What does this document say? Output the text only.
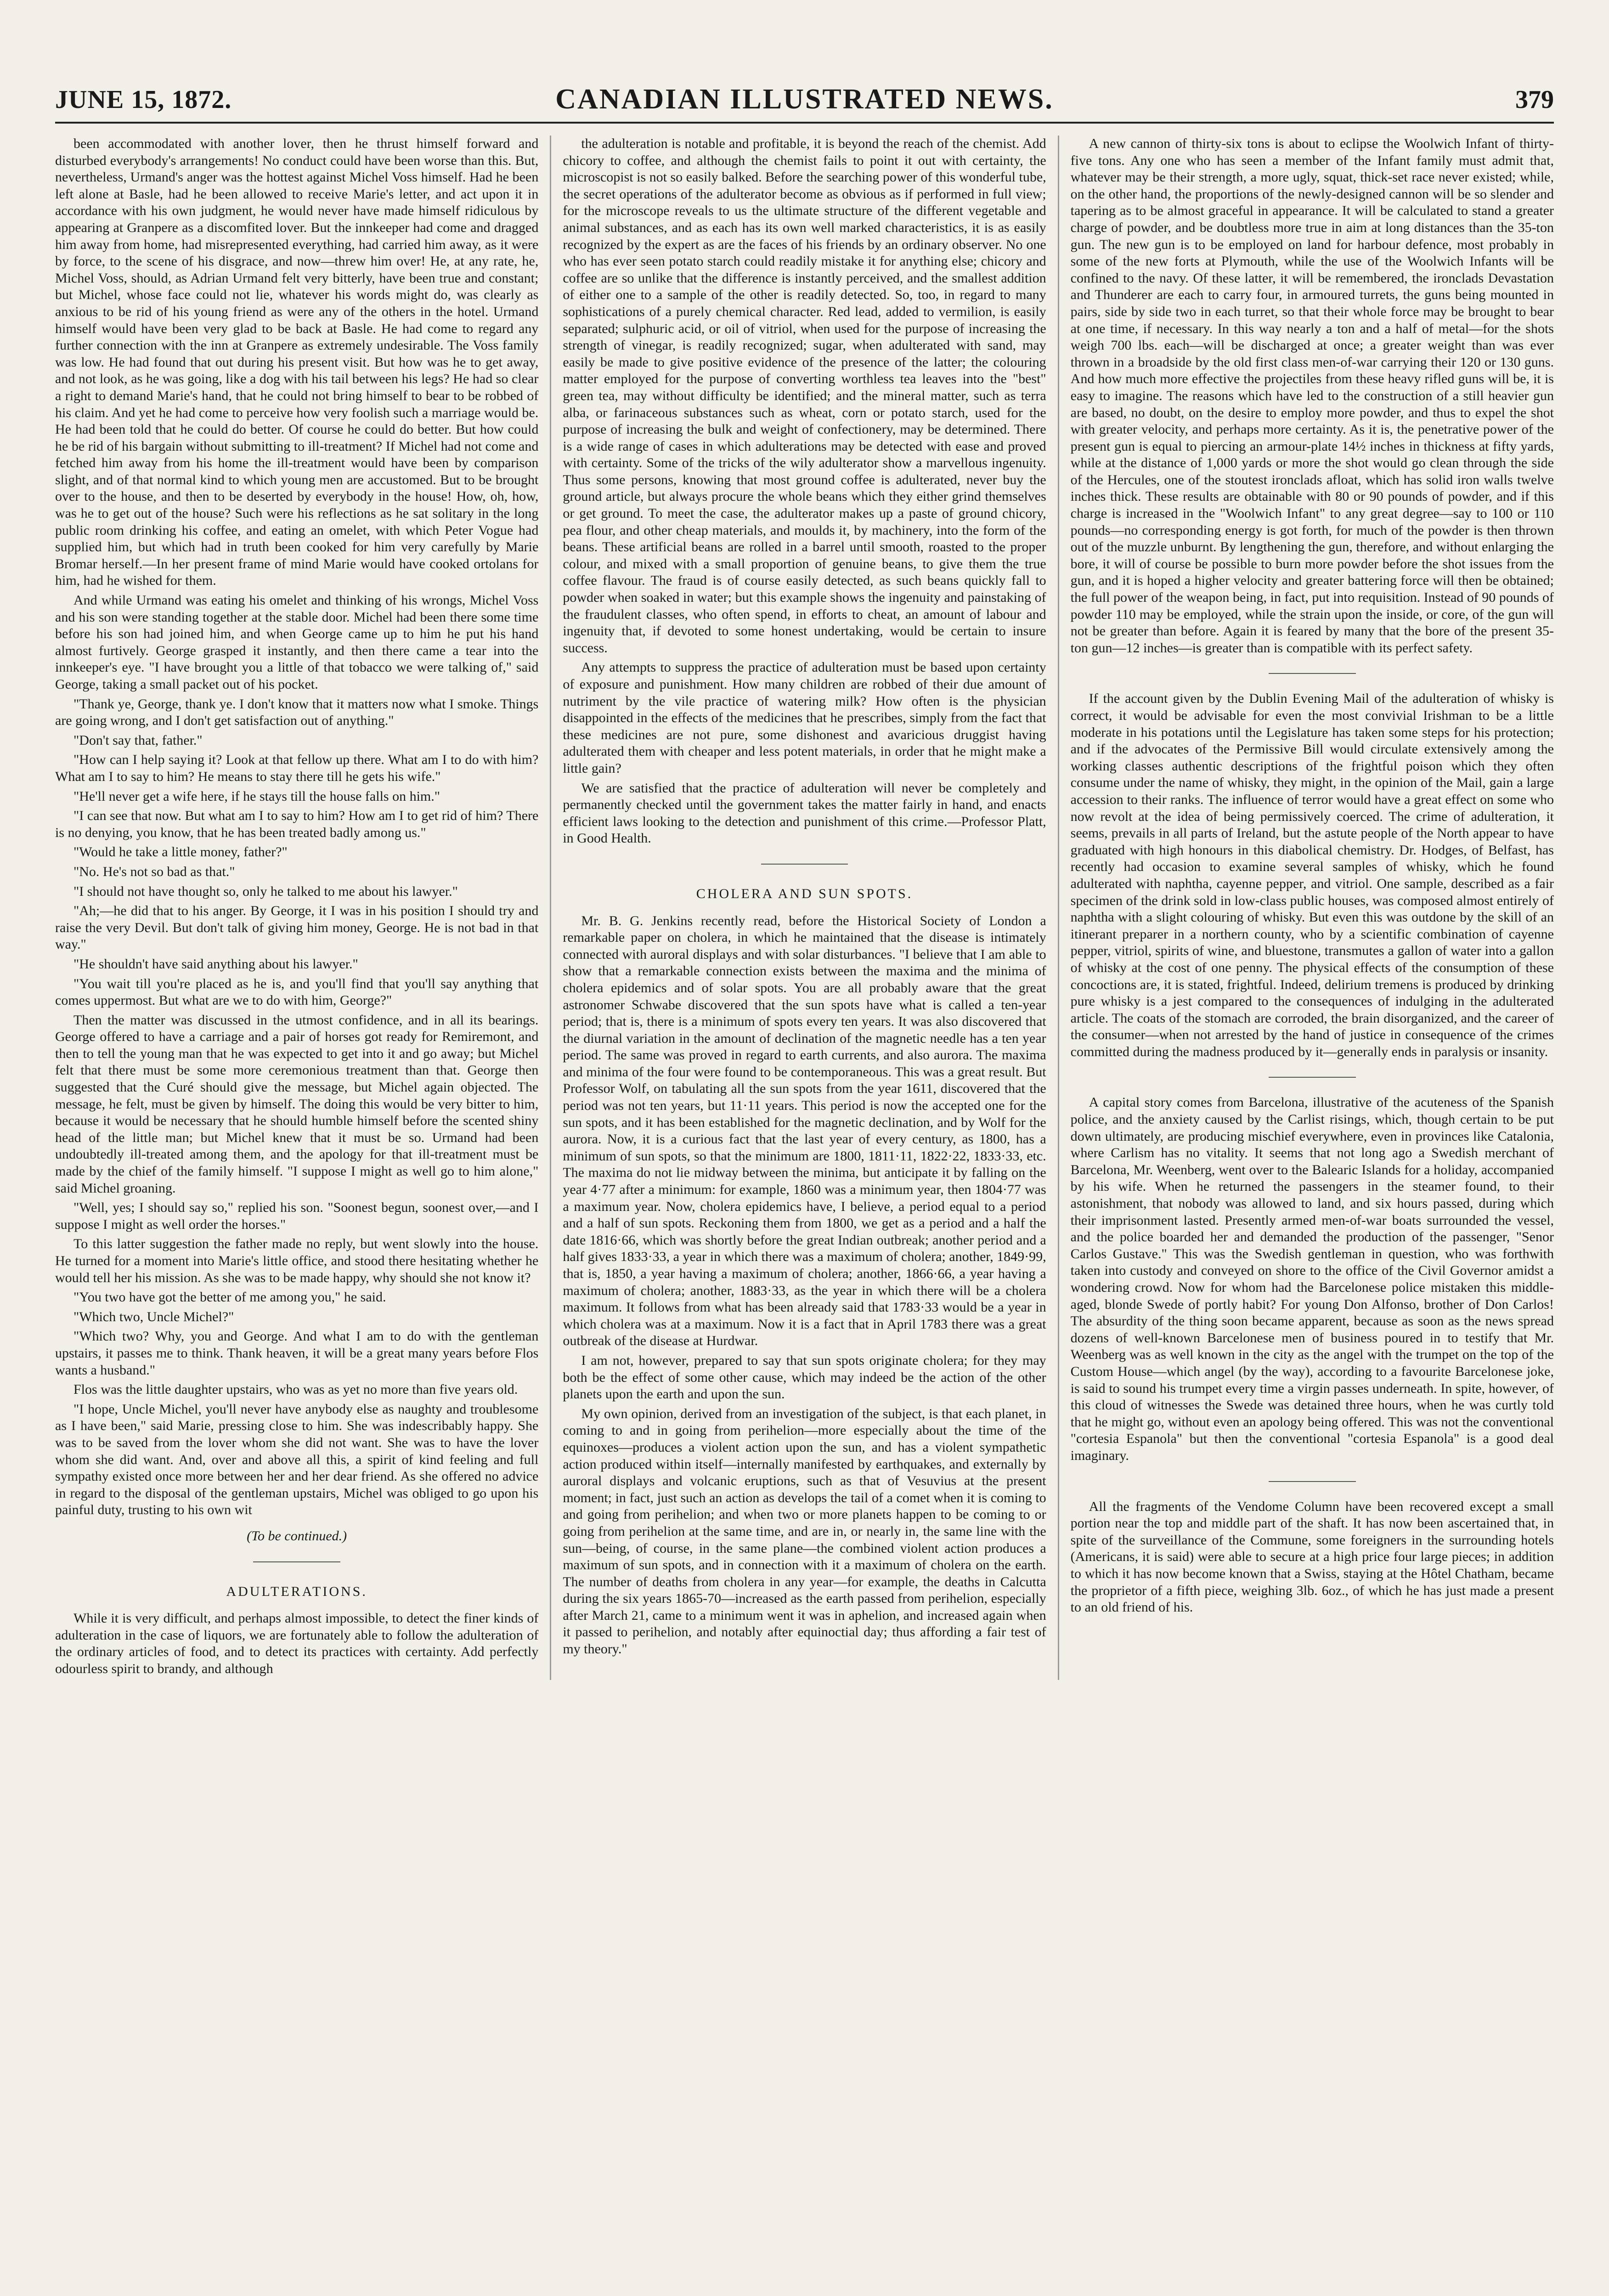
JUNE 15, 1872.	CANADIAN ILLUSTRATED NEWS.	379

been accommodated with another lover, then he thrust himself forward and disturbed everybody's arrangements! No conduct could have been worse than this. But, nevertheless, Urmand's anger was the hottest against Michel Voss himself. Had he been left alone at Basle, had he been allowed to receive Marie's letter, and act upon it in accordance with his own judgment, he would never have made himself ridiculous by appearing at Granpere as a discomfited lover. But the innkeeper had come and dragged him away from home, had misrepresented everything, had carried him away, as it were by force, to the scene of his disgrace, and now—threw him over! He, at any rate, he, Michel Voss, should, as Adrian Urmand felt very bitterly, have been true and constant; but Michel, whose face could not lie, whatever his words might do, was clearly as anxious to be rid of his young friend as were any of the others in the hotel. Urmand himself would have been very glad to be back at Basle. He had come to regard any further connection with the inn at Granpere as extremely undesirable. The Voss family was low. He had found that out during his present visit. But how was he to get away, and not look, as he was going, like a dog with his tail between his legs? He had so clear a right to demand Marie's hand, that he could not bring himself to bear to be robbed of his claim. And yet he had come to perceive how very foolish such a marriage would be. He had been told that he could do better. Of course he could do better. But how could he be rid of his bargain without submitting to ill-treatment? If Michel had not come and fetched him away from his home the ill-treatment would have been by comparison slight, and of that normal kind to which young men are accustomed. But to be brought over to the house, and then to be deserted by everybody in the house! How, oh, how, was he to get out of the house? Such were his reflections as he sat solitary in the long public room drinking his coffee, and eating an omelet, with which Peter Vogue had supplied him, but which had in truth been cooked for him very carefully by Marie Bromar herself.—In her present frame of mind Marie would have cooked ortolans for him, had he wished for them.

And while Urmand was eating his omelet and thinking of his wrongs, Michel Voss and his son were standing together at the stable door. Michel had been there some time before his son had joined him, and when George came up to him he put his hand almost furtively. George grasped it instantly, and then there came a tear into the innkeeper's eye. "I have brought you a little of that tobacco we were talking of," said George, taking a small packet out of his pocket.

"Thank ye, George, thank ye. I don't know that it matters now what I smoke. Things are going wrong, and I don't get satisfaction out of anything."

"Don't say that, father."

"How can I help saying it? Look at that fellow up there. What am I to do with him? What am I to say to him? He means to stay there till he gets his wife."

"He'll never get a wife here, if he stays till the house falls on him."

"I can see that now. But what am I to say to him? How am I to get rid of him? There is no denying, you know, that he has been treated badly among us."

"Would he take a little money, father?"

"No. He's not so bad as that."

"I should not have thought so, only he talked to me about his lawyer."

"Ah;—he did that to his anger. By George, it I was in his position I should try and raise the very Devil. But don't talk of giving him money, George. He is not bad in that way."

"He shouldn't have said anything about his lawyer."

"You wait till you're placed as he is, and you'll find that you'll say anything that comes uppermost. But what are we to do with him, George?"

Then the matter was discussed in the utmost confidence, and in all its bearings. George offered to have a carriage and a pair of horses got ready for Remiremont, and then to tell the young man that he was expected to get into it and go away; but Michel felt that there must be some more ceremonious treatment than that. George then suggested that the Curé should give the message, but Michel again objected. The message, he felt, must be given by himself. The doing this would be very bitter to him, because it would be necessary that he should humble himself before the scented shiny head of the little man; but Michel knew that it must be so. Urmand had been undoubtedly ill-treated among them, and the apology for that ill-treatment must be made by the chief of the family himself. "I suppose I might as well go to him alone," said Michel groaning.

"Well, yes; I should say so," replied his son. "Soonest begun, soonest over,—and I suppose I might as well order the horses."

To this latter suggestion the father made no reply, but went slowly into the house. He turned for a moment into Marie's little office, and stood there hesitating whether he would tell her his mission. As she was to be made happy, why should she not know it?

"You two have got the better of me among you," he said.

"Which two, Uncle Michel?"

"Which two? Why, you and George. And what I am to do with the gentleman upstairs, it passes me to think. Thank heaven, it will be a great many years before Flos wants a husband."

Flos was the little daughter upstairs, who was as yet no more than five years old.

"I hope, Uncle Michel, you'll never have anybody else as naughty and troublesome as I have been," said Marie, pressing close to him. She was indescribably happy. She was to be saved from the lover whom she did not want. She was to have the lover whom she did want. And, over and above all this, a spirit of kind feeling and full sympathy existed once more between her and her dear friend. As she offered no advice in regard to the disposal of the gentleman upstairs, Michel was obliged to go upon his painful duty, trusting to his own wit

(To be continued.)
ADULTERATIONS.

While it is very difficult, and perhaps almost impossible, to detect the finer kinds of adulteration in the case of liquors, we are fortunately able to follow the adulteration of the ordinary articles of food, and to detect its practices with certainty. Add perfectly odourless spirit to brandy, and although

the adulteration is notable and profitable, it is beyond the reach of the chemist. Add chicory to coffee, and although the chemist fails to point it out with certainty, the microscopist is not so easily balked. Before the searching power of this wonderful tube, the secret operations of the adulterator become as obvious as if performed in full view; for the microscope reveals to us the ultimate structure of the different vegetable and animal substances, and as each has its own well marked characteristics, it is as easily recognized by the expert as are the faces of his friends by an ordinary observer. No one who has ever seen potato starch could readily mistake it for anything else; chicory and coffee are so unlike that the difference is instantly perceived, and the smallest addition of either one to a sample of the other is readily detected. So, too, in regard to many sophistications of a purely chemical character. Red lead, added to vermilion, is easily separated; sulphuric acid, or oil of vitriol, when used for the purpose of increasing the strength of vinegar, is readily recognized; sugar, when adulterated with sand, may easily be made to give positive evidence of the presence of the latter; the colouring matter employed for the purpose of converting worthless tea leaves into the "best" green tea, may without difficulty be identified; and the mineral matter, such as terra alba, or farinaceous substances such as wheat, corn or potato starch, used for the purpose of increasing the bulk and weight of confectionery, may be determined. There is a wide range of cases in which adulterations may be detected with ease and proved with certainty. Some of the tricks of the wily adulterator show a marvellous ingenuity. Thus some persons, knowing that most ground coffee is adulterated, never buy the ground article, but always procure the whole beans which they either grind themselves or get ground. To meet the case, the adulterator makes up a paste of ground chicory, pea flour, and other cheap materials, and moulds it, by machinery, into the form of the beans. These artificial beans are rolled in a barrel until smooth, roasted to the proper colour, and mixed with a small proportion of genuine beans, to give them the true coffee flavour. The fraud is of course easily detected, as such beans quickly fall to powder when soaked in water; but this example shows the ingenuity and painstaking of the fraudulent classes, who often spend, in efforts to cheat, an amount of labour and ingenuity that, if devoted to some honest undertaking, would be certain to insure success.

Any attempts to suppress the practice of adulteration must be based upon certainty of exposure and punishment. How many children are robbed of their due amount of nutriment by the vile practice of watering milk? How often is the physician disappointed in the effects of the medicines that he prescribes, simply from the fact that these medicines are not pure, some dishonest and avaricious druggist having adulterated them with cheaper and less potent materials, in order that he might make a little gain?

We are satisfied that the practice of adulteration will never be completely and permanently checked until the government takes the matter fairly in hand, and enacts efficient laws looking to the detection and punishment of this crime.—Professor Platt, in Good Health.

CHOLERA AND SUN SPOTS.

Mr. B. G. Jenkins recently read, before the Historical Society of London a remarkable paper on cholera, in which he maintained that the disease is intimately connected with auroral displays and with solar disturbances. "I believe that I am able to show that a remarkable connection exists between the maxima and the minima of cholera epidemics and of solar spots. You are all probably aware that the great astronomer Schwabe discovered that the sun spots have what is called a ten-year period; that is, there is a minimum of spots every ten years. It was also discovered that the diurnal variation in the amount of declination of the magnetic needle has a ten year period. The same was proved in regard to earth currents, and also aurora. The maxima and minima of the four were found to be contemporaneous. This was a great result. But Professor Wolf, on tabulating all the sun spots from the year 1611, discovered that the period was not ten years, but 11·11 years. This period is now the accepted one for the sun spots, and it has been established for the magnetic declination, and by Wolf for the aurora. Now, it is a curious fact that the last year of every century, as 1800, has a minimum of sun spots, so that the minimum are 1800, 1811·11, 1822·22, 1833·33, etc. The maxima do not lie midway between the minima, but anticipate it by falling on the year 4·77 after a minimum: for example, 1860 was a minimum year, then 1804·77 was a maximum year. Now, cholera epidemics have, I believe, a period equal to a period and a half of sun spots. Reckoning them from 1800, we get as a period and a half the date 1816·66, which was shortly before the great Indian outbreak; another period and a half gives 1833·33, a year in which there was a maximum of cholera; another, 1849·99, that is, 1850, a year having a maximum of cholera; another, 1866·66, a year having a maximum of cholera; another, 1883·33, as the year in which there will be a cholera maximum. It follows from what has been already said that 1783·33 would be a year in which cholera was at a maximum. Now it is a fact that in April 1783 there was a great outbreak of the disease at Hurdwar.

I am not, however, prepared to say that sun spots originate cholera; for they may both be the effect of some other cause, which may indeed be the action of the other planets upon the earth and upon the sun.

My own opinion, derived from an investigation of the subject, is that each planet, in coming to and in going from perihelion—more especially about the time of the equinoxes—produces a violent action upon the sun, and has a violent sympathetic action produced within itself—internally manifested by earthquakes, and externally by auroral displays and volcanic eruptions, such as that of Vesuvius at the present moment; in fact, just such an action as develops the tail of a comet when it is coming to and going from perihelion; and when two or more planets happen to be coming to or going from perihelion at the same time, and are in, or nearly in, the same line with the sun—being, of course, in the same plane—the combined violent action produces a maximum of sun spots, and in connection with it a maximum of cholera on the earth. The number of deaths from cholera in any year—for example, the deaths in Calcutta during the six years 1865-70—increased as the earth passed from perihelion, especially after March 21, came to a minimum went it was in aphelion, and increased again when it passed to perihelion, and notably after equinoctial day; thus affording a fair test of my theory."

A new cannon of thirty-six tons is about to eclipse the Woolwich Infant of thirty-five tons. Any one who has seen a member of the Infant family must admit that, whatever may be their strength, a more ugly, squat, thick-set race never existed; while, on the other hand, the proportions of the newly-designed cannon will be so slender and tapering as to be almost graceful in appearance. It will be calculated to stand a greater charge of powder, and be doubtless more true in aim at long distances than the 35-ton gun. The new gun is to be employed on land for harbour defence, most probably in some of the new forts at Plymouth, while the use of the Woolwich Infants will be confined to the navy. Of these latter, it will be remembered, the ironclads Devastation and Thunderer are each to carry four, in armoured turrets, the guns being mounted in pairs, side by side two in each turret, so that their whole force may be brought to bear at one time, if necessary. In this way nearly a ton and a half of metal—for the shots weigh 700 lbs. each—will be discharged at once; a greater weight than was ever thrown in a broadside by the old first class men-of-war carrying their 120 or 130 guns. And how much more effective the projectiles from these heavy rifled guns will be, it is easy to imagine. The reasons which have led to the construction of a still heavier gun are based, no doubt, on the desire to employ more powder, and thus to expel the shot with greater velocity, and perhaps more certainty. As it is, the penetrative power of the present gun is equal to piercing an armour-plate 14½ inches in thickness at fifty yards, while at the distance of 1,000 yards or more the shot would go clean through the side of the Hercules, one of the stoutest ironclads afloat, which has solid iron walls twelve inches thick. These results are obtainable with 80 or 90 pounds of powder, and if this charge is increased in the "Woolwich Infant" to any great degree—say to 100 or 110 pounds—no corresponding energy is got forth, for much of the powder is then thrown out of the muzzle unburnt. By lengthening the gun, therefore, and without enlarging the bore, it will of course be possible to burn more powder before the shot issues from the gun, and it is hoped a higher velocity and greater battering force will then be obtained; the full power of the weapon being, in fact, put into requisition. Instead of 90 pounds of powder 110 may be employed, while the strain upon the inside, or core, of the gun will not be greater than before. Again it is feared by many that the bore of the present 35-ton gun—12 inches—is greater than is compatible with its perfect safety.

If the account given by the Dublin Evening Mail of the adulteration of whisky is correct, it would be advisable for even the most convivial Irishman to be a little moderate in his potations until the Legislature has taken some steps for his protection; and if the advocates of the Permissive Bill would circulate extensively among the working classes authentic descriptions of the frightful poison which they often consume under the name of whisky, they might, in the opinion of the Mail, gain a large accession to their ranks. The influence of terror would have a great effect on some who now revolt at the idea of being permissively coerced. The crime of adulteration, it seems, prevails in all parts of Ireland, but the astute people of the North appear to have graduated with high honours in this diabolical chemistry. Dr. Hodges, of Belfast, has recently had occasion to examine several samples of whisky, which he found adulterated with naphtha, cayenne pepper, and vitriol. One sample, described as a fair specimen of the drink sold in low-class public houses, was composed almost entirely of naphtha with a slight colouring of whisky. But even this was outdone by the skill of an itinerant preparer in a northern county, who by a scientific combination of cayenne pepper, vitriol, spirits of wine, and bluestone, transmutes a gallon of water into a gallon of whisky at the cost of one penny. The physical effects of the consumption of these concoctions are, it is stated, frightful. Indeed, delirium tremens is produced by drinking pure whisky is a jest compared to the consequences of indulging in the adulterated article. The coats of the stomach are corroded, the brain disorganized, and the career of the consumer—when not arrested by the hand of justice in consequence of the crimes committed during the madness produced by it—generally ends in paralysis or insanity.

A capital story comes from Barcelona, illustrative of the acuteness of the Spanish police, and the anxiety caused by the Carlist risings, which, though certain to be put down ultimately, are producing mischief everywhere, even in provinces like Catalonia, where Carlism has no vitality. It seems that not long ago a Swedish merchant of Barcelona, Mr. Weenberg, went over to the Balearic Islands for a holiday, accompanied by his wife. When he returned the passengers in the steamer found, to their astonishment, that nobody was allowed to land, and six hours passed, during which their imprisonment lasted. Presently armed men-of-war boats surrounded the vessel, and the police boarded her and demanded the production of the passenger, "Senor Carlos Gustave." This was the Swedish gentleman in question, who was forthwith taken into custody and conveyed on shore to the office of the Civil Governor amidst a wondering crowd. Now for whom had the Barcelonese police mistaken this middle-aged, blonde Swede of portly habit? For young Don Alfonso, brother of Don Carlos! The absurdity of the thing soon became apparent, because as soon as the news spread dozens of well-known Barcelonese men of business poured in to testify that Mr. Weenberg was as well known in the city as the angel with the trumpet on the top of the Custom House—which angel (by the way), according to a favourite Barcelonese joke, is said to sound his trumpet every time a virgin passes underneath. In spite, however, of this cloud of witnesses the Swede was detained three hours, when he was curtly told that he might go, without even an apology being offered. This was not the conventional "cortesia Espanola" but then the conventional "cortesia Espanola" is a good deal imaginary.

All the fragments of the Vendome Column have been recovered except a small portion near the top and middle part of the shaft. It has now been ascertained that, in spite of the surveillance of the Commune, some foreigners in the surrounding hotels (Americans, it is said) were able to secure at a high price four large pieces; in addition to which it has now become known that a Swiss, staying at the Hôtel Chatham, became the proprietor of a fifth piece, weighing 3lb. 6oz., of which he has just made a present to an old friend of his.
